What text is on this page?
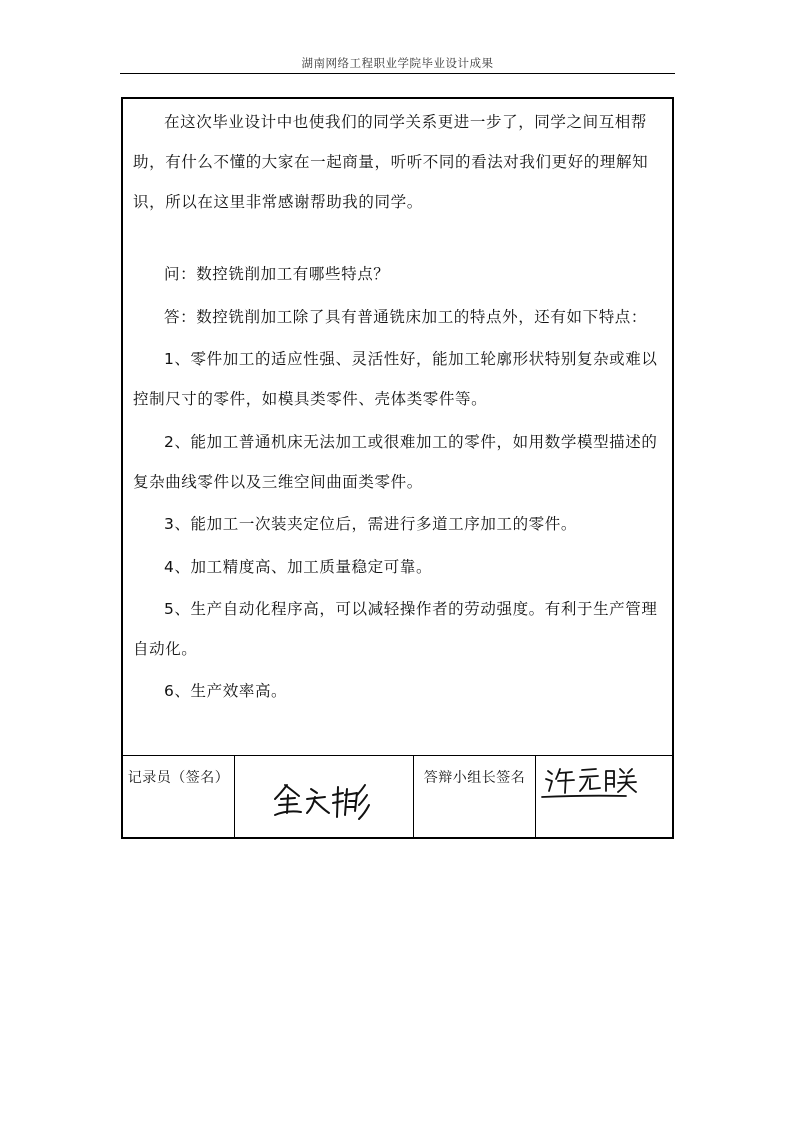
湖南网络工程职业学院毕业设计成果

在这次毕业设计中也使我们的同学关系更进一步了，同学之间互相帮助，有什么不懂的大家在一起商量，听听不同的看法对我们更好的理解知识，所以在这里非常感谢帮助我的同学。

问：数控铣削加工有哪些特点？

答：数控铣削加工除了具有普通铣床加工的特点外，还有如下特点：

1、零件加工的适应性强、灵活性好，能加工轮廓形状特别复杂或难以控制尺寸的零件，如模具类零件、壳体类零件等。

2、能加工普通机床无法加工或很难加工的零件，如用数学模型描述的复杂曲线零件以及三维空间曲面类零件。

3、能加工一次装夹定位后，需进行多道工序加工的零件。

4、加工精度高、加工质量稳定可靠。

5、生产自动化程序高，可以减轻操作者的劳动强度。有利于生产管理自动化。

6、生产效率高。

记录员（签名）	答辩小组长签名
